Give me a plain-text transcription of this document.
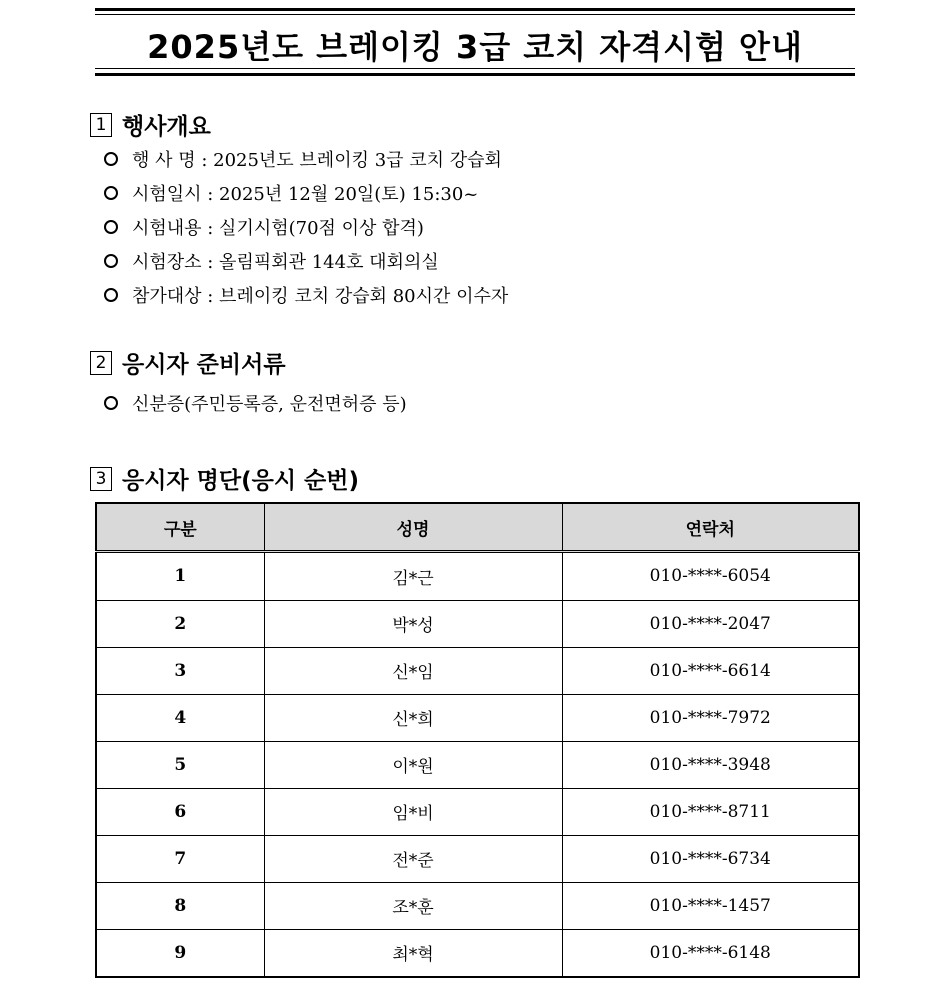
2025년도 브레이킹 3급 코치 자격시험 안내
1 행사개요
행 사 명 : 2025년도 브레이킹 3급 코치 강습회
시험일시 : 2025년 12월 20일(토) 15:30~
시험내용 : 실기시험(70점 이상 합격)
시험장소 : 올림픽회관 144호 대회의실
참가대상 : 브레이킹 코치 강습회 80시간 이수자
2 응시자 준비서류
신분증(주민등록증, 운전면허증 등)
3 응시자 명단(응시 순번)
구분	성명	연락처
1	김*근	010-****-6054
2	박*성	010-****-2047
3	신*임	010-****-6614
4	신*희	010-****-7972
5	이*원	010-****-3948
6	임*비	010-****-8711
7	전*준	010-****-6734
8	조*훈	010-****-1457
9	최*혁	010-****-6148
